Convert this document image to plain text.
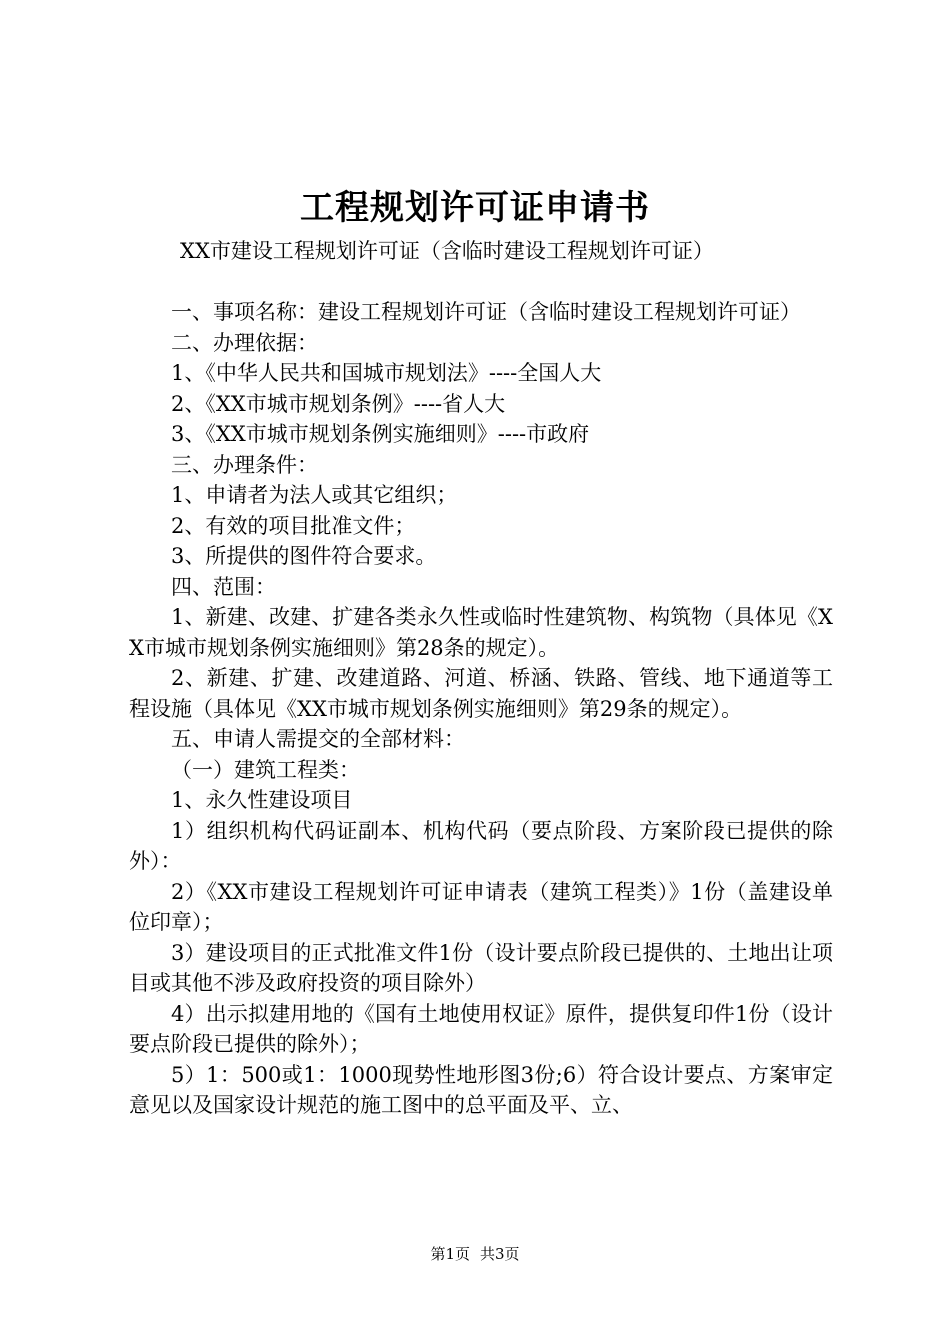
工程规划许可证申请书

XX市建设工程规划许可证（含临时建设工程规划许可证）

一、事项名称：建设工程规划许可证（含临时建设工程规划许可证）

二、办理依据：

1、《中华人民共和国城市规划法》----全国人大

2、《XX市城市规划条例》----省人大

3、《XX市城市规划条例实施细则》----市政府

三、办理条件：

1、申请者为法人或其它组织；

2、有效的项目批准文件；

3、所提供的图件符合要求。

四、范围：

1、新建、改建、扩建各类永久性或临时性建筑物、构筑物（具体见《XX市城市规划条例实施细则》第28条的规定）。

2、新建、扩建、改建道路、河道、桥涵、铁路、管线、地下通道等工程设施（具体见《XX市城市规划条例实施细则》第29条的规定）。

五、申请人需提交的全部材料：

（一）建筑工程类：

1、永久性建设项目

1）组织机构代码证副本、机构代码（要点阶段、方案阶段已提供的除外）：

2）《XX市建设工程规划许可证申请表（建筑工程类）》1份（盖建设单位印章）；

3）建设项目的正式批准文件1份（设计要点阶段已提供的、土地出让项目或其他不涉及政府投资的项目除外）

4）出示拟建用地的《国有土地使用权证》原件，提供复印件1份（设计要点阶段已提供的除外）；

5）1：500或1：1000现势性地形图3份;6）符合设计要点、方案审定意见以及国家设计规范的施工图中的总平面及平、立、

第1页 共3页
